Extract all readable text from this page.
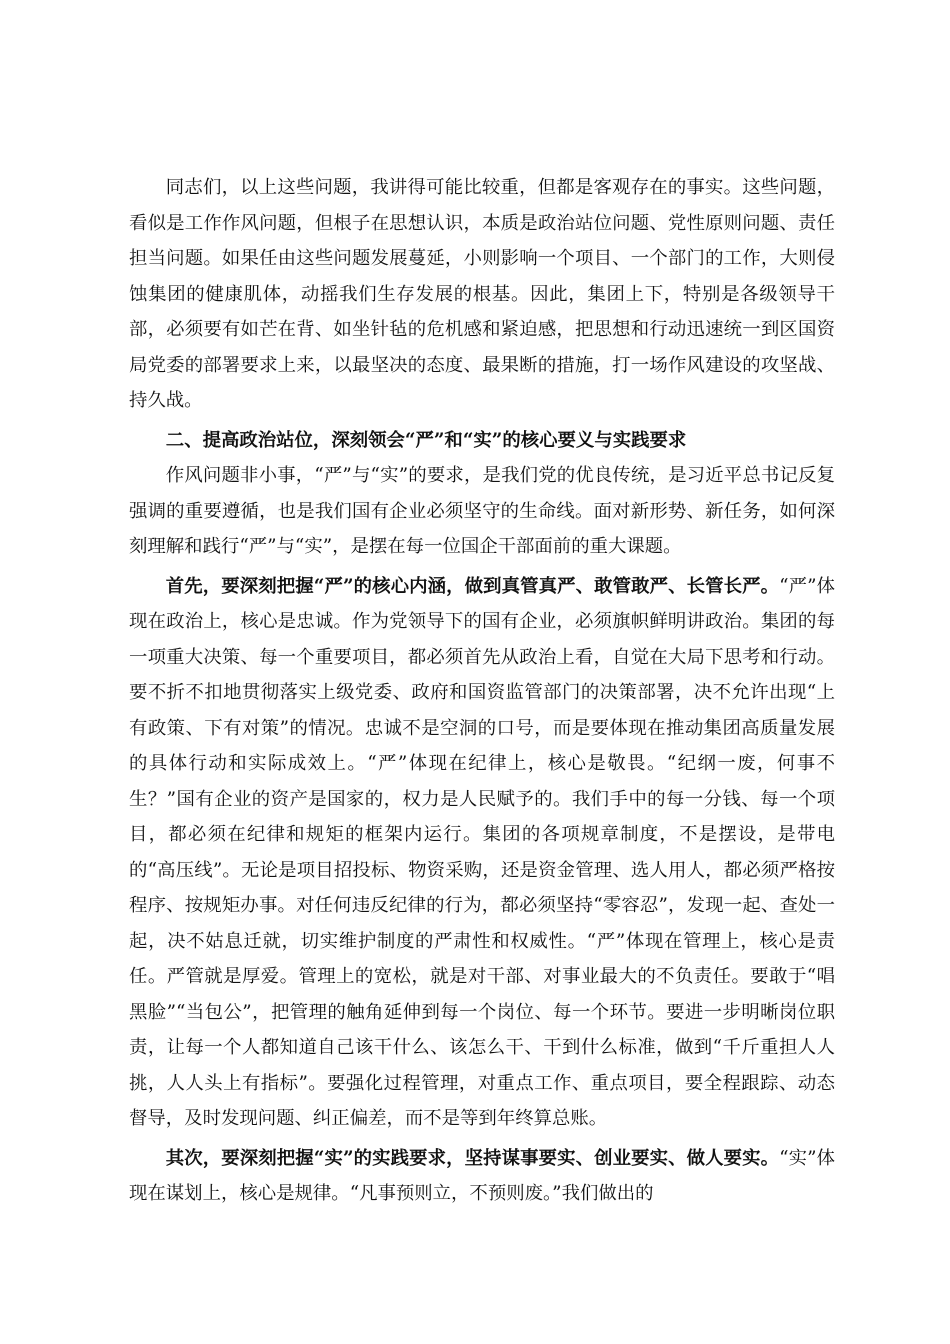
同志们，以上这些问题，我讲得可能比较重，但都是客观存在的事实。这些问题，看似是工作作风问题，但根子在思想认识，本质是政治站位问题、党性原则问题、责任担当问题。如果任由这些问题发展蔓延，小则影响一个项目、一个部门的工作，大则侵蚀集团的健康肌体，动摇我们生存发展的根基。因此，集团上下，特别是各级领导干部，必须要有如芒在背、如坐针毡的危机感和紧迫感，把思想和行动迅速统一到区国资局党委的部署要求上来，以最坚决的态度、最果断的措施，打一场作风建设的攻坚战、持久战。

二、提高政治站位，深刻领会“严”和“实”的核心要义与实践要求

作风问题非小事，“严”与“实”的要求，是我们党的优良传统，是习近平总书记反复强调的重要遵循，也是我们国有企业必须坚守的生命线。面对新形势、新任务，如何深刻理解和践行“严”与“实”，是摆在每一位国企干部面前的重大课题。

首先，要深刻把握“严”的核心内涵，做到真管真严、敢管敢严、长管长严。“严”体现在政治上，核心是忠诚。作为党领导下的国有企业，必须旗帜鲜明讲政治。集团的每一项重大决策、每一个重要项目，都必须首先从政治上看，自觉在大局下思考和行动。要不折不扣地贯彻落实上级党委、政府和国资监管部门的决策部署，决不允许出现“上有政策、下有对策”的情况。忠诚不是空洞的口号，而是要体现在推动集团高质量发展的具体行动和实际成效上。“严”体现在纪律上，核心是敬畏。“纪纲一废，何事不生？”国有企业的资产是国家的，权力是人民赋予的。我们手中的每一分钱、每一个项目，都必须在纪律和规矩的框架内运行。集团的各项规章制度，不是摆设，是带电的“高压线”。无论是项目招投标、物资采购，还是资金管理、选人用人，都必须严格按程序、按规矩办事。对任何违反纪律的行为，都必须坚持“零容忍”，发现一起、查处一起，决不姑息迁就，切实维护制度的严肃性和权威性。“严”体现在管理上，核心是责任。严管就是厚爱。管理上的宽松，就是对干部、对事业最大的不负责任。要敢于“唱黑脸”“当包公”，把管理的触角延伸到每一个岗位、每一个环节。要进一步明晰岗位职责，让每一个人都知道自己该干什么、该怎么干、干到什么标准，做到“千斤重担人人挑，人人头上有指标”。要强化过程管理，对重点工作、重点项目，要全程跟踪、动态督导，及时发现问题、纠正偏差，而不是等到年终算总账。

其次，要深刻把握“实”的实践要求，坚持谋事要实、创业要实、做人要实。“实”体现在谋划上，核心是规律。“凡事预则立，不预则废。”我们做出的
